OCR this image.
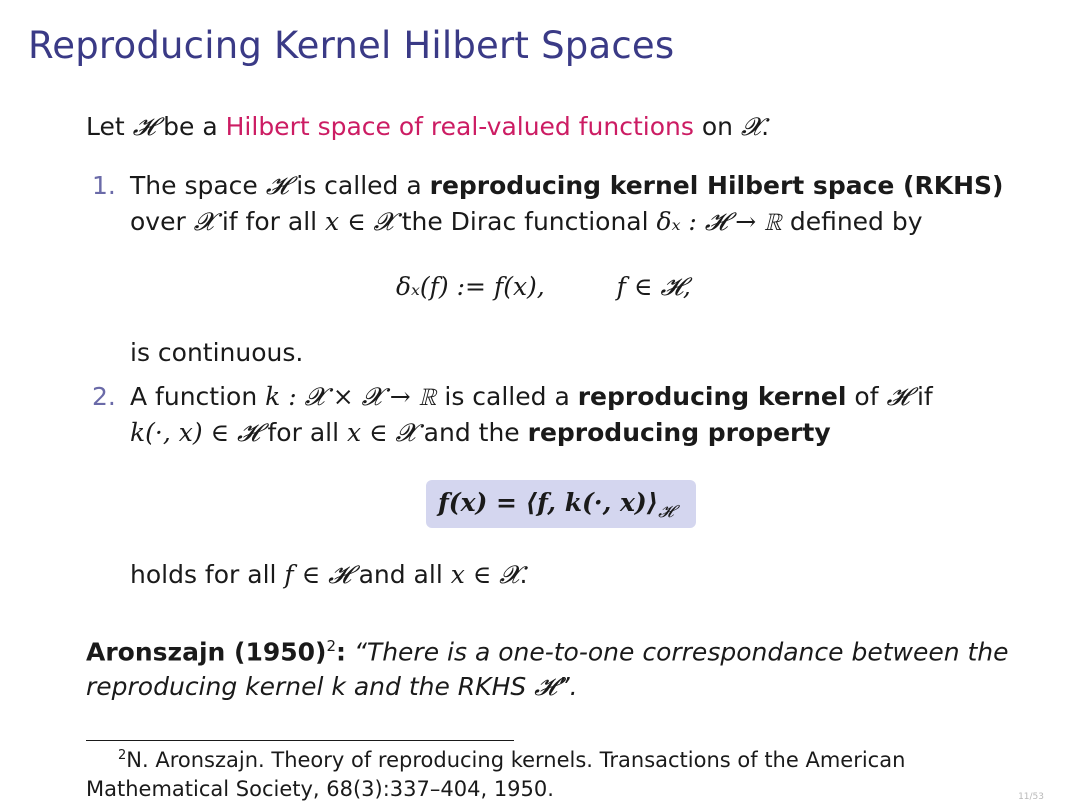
Reproducing Kernel Hilbert Spaces
Let 𝓗 be a Hilbert space of real-valued functions on 𝓧.
1. The space 𝓗 is called a reproducing kernel Hilbert space (RKHS)
over 𝓧 if for all x ∈ 𝓧 the Dirac functional δₓ : 𝓗 → ℝ defined by
δₓ(f) := f(x),	f ∈ 𝓗,
is continuous.
2. A function k : 𝓧 × 𝓧 → ℝ is called a reproducing kernel of 𝓗 if
k(·, x) ∈ 𝓗 for all x ∈ 𝓧 and the reproducing property
f(x) = ⟨f, k(·, $x)⟩_𝓗$
holds for all f ∈ 𝓗 and all x ∈ 𝓧.
Aronszajn $(1950)^2$: “There is a one-to-one correspondance between the
reproducing kernel k and the RKHS 𝓗”.
$^2$N. Aronszajn. Theory of reproducing kernels. Transactions of the American
Mathematical Society, 68(3):337–404, 1950.	11/53
